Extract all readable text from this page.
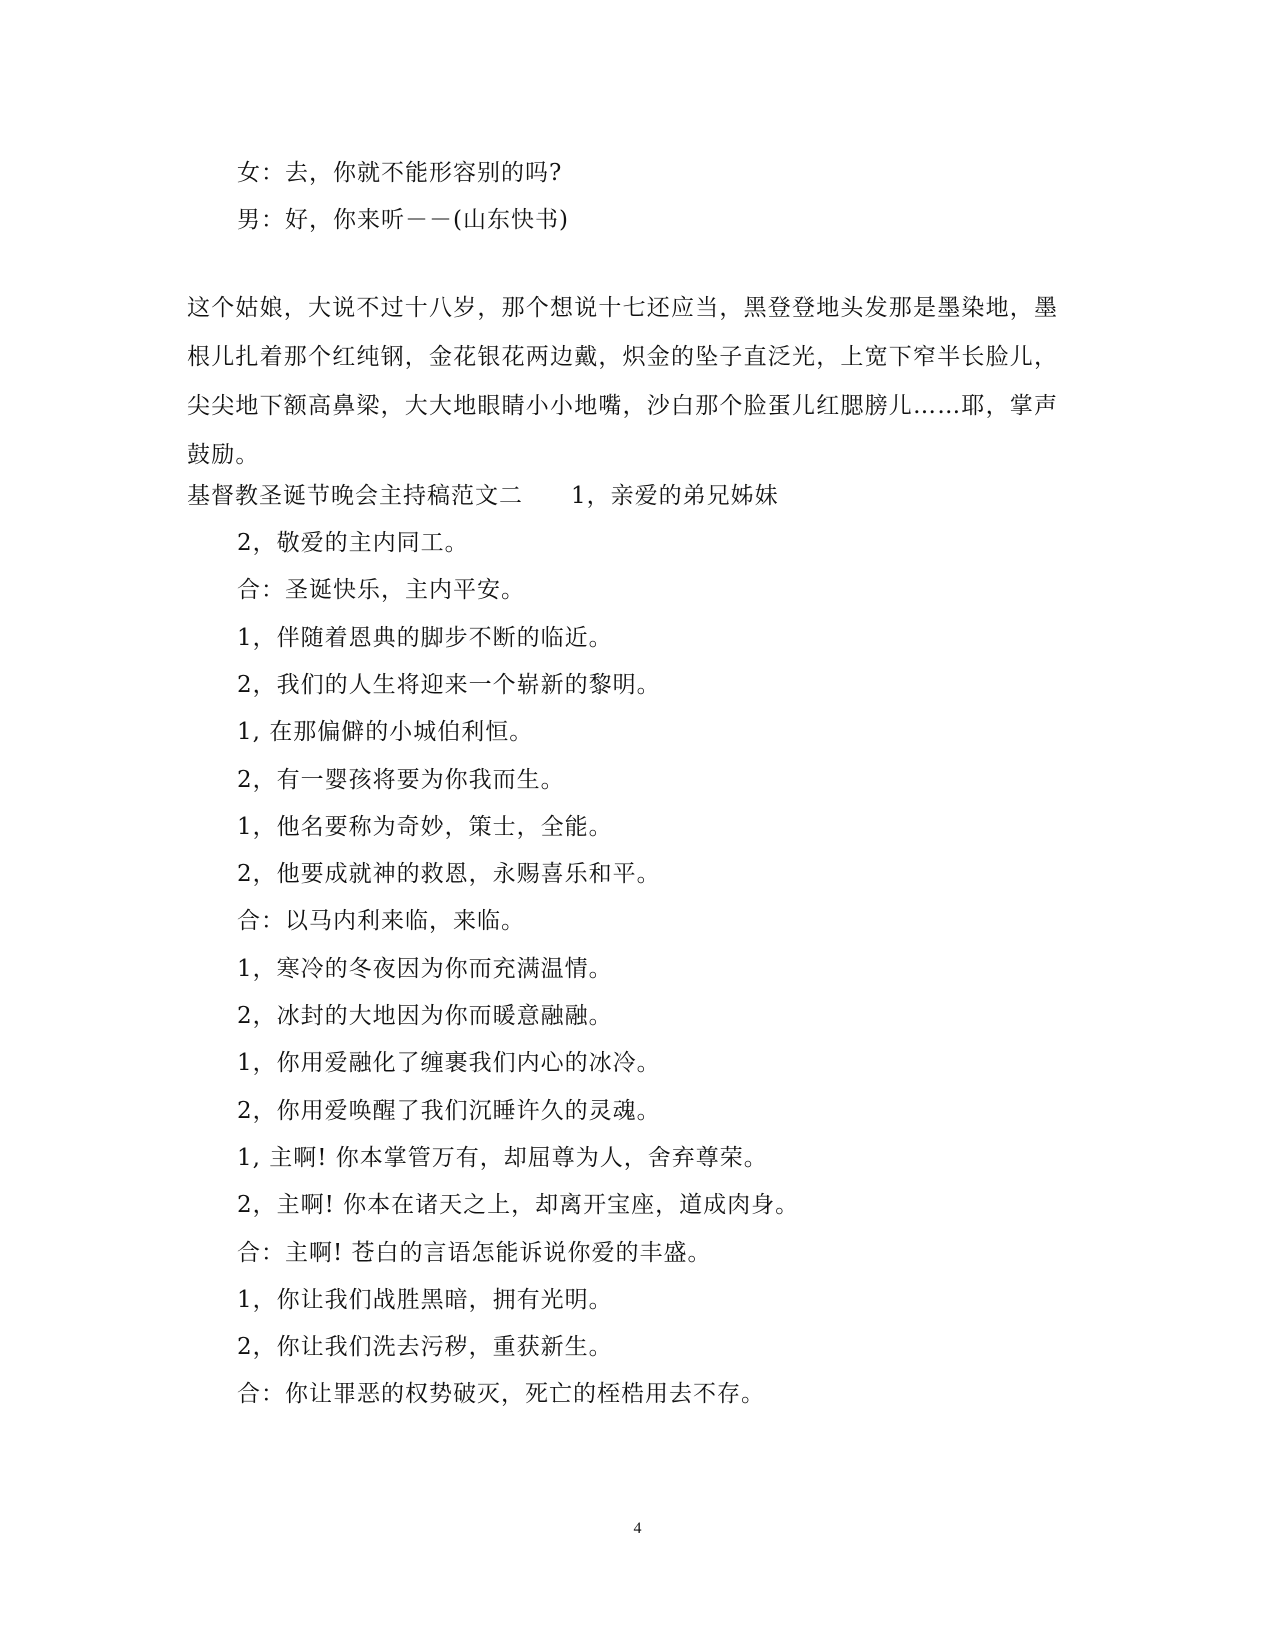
女：去，你就不能形容别的吗?
男：好，你来听－－(山东快书)
这个姑娘，大说不过十八岁，那个想说十七还应当，黑登登地头发那是墨染地，墨
根儿扎着那个红纯钢，金花银花两边戴，炽金的坠子直泛光，上宽下窄半长脸儿，
尖尖地下额高鼻梁，大大地眼睛小小地嘴，沙白那个脸蛋儿红腮膀儿……耶，掌声
鼓励。
基督教圣诞节晚会主持稿范文二 1，亲爱的弟兄姊妹
2，敬爱的主内同工。
合：圣诞快乐，主内平安。
1，伴随着恩典的脚步不断的临近。
2，我们的人生将迎来一个崭新的黎明。
1, 在那偏僻的小城伯利恒。
2，有一婴孩将要为你我而生。
1，他名要称为奇妙，策士，全能。
2，他要成就神的救恩，永赐喜乐和平。
合：以马内利来临，来临。
1，寒冷的冬夜因为你而充满温情。
2，冰封的大地因为你而暖意融融。
1，你用爱融化了缠裹我们内心的冰冷。
2，你用爱唤醒了我们沉睡许久的灵魂。
1, 主啊! 你本掌管万有，却屈尊为人，舍弃尊荣。
2，主啊! 你本在诸天之上，却离开宝座，道成肉身。
合：主啊! 苍白的言语怎能诉说你爱的丰盛。
1，你让我们战胜黑暗，拥有光明。
2，你让我们洗去污秽，重获新生。
合：你让罪恶的权势破灭，死亡的桎梏用去不存。
4
